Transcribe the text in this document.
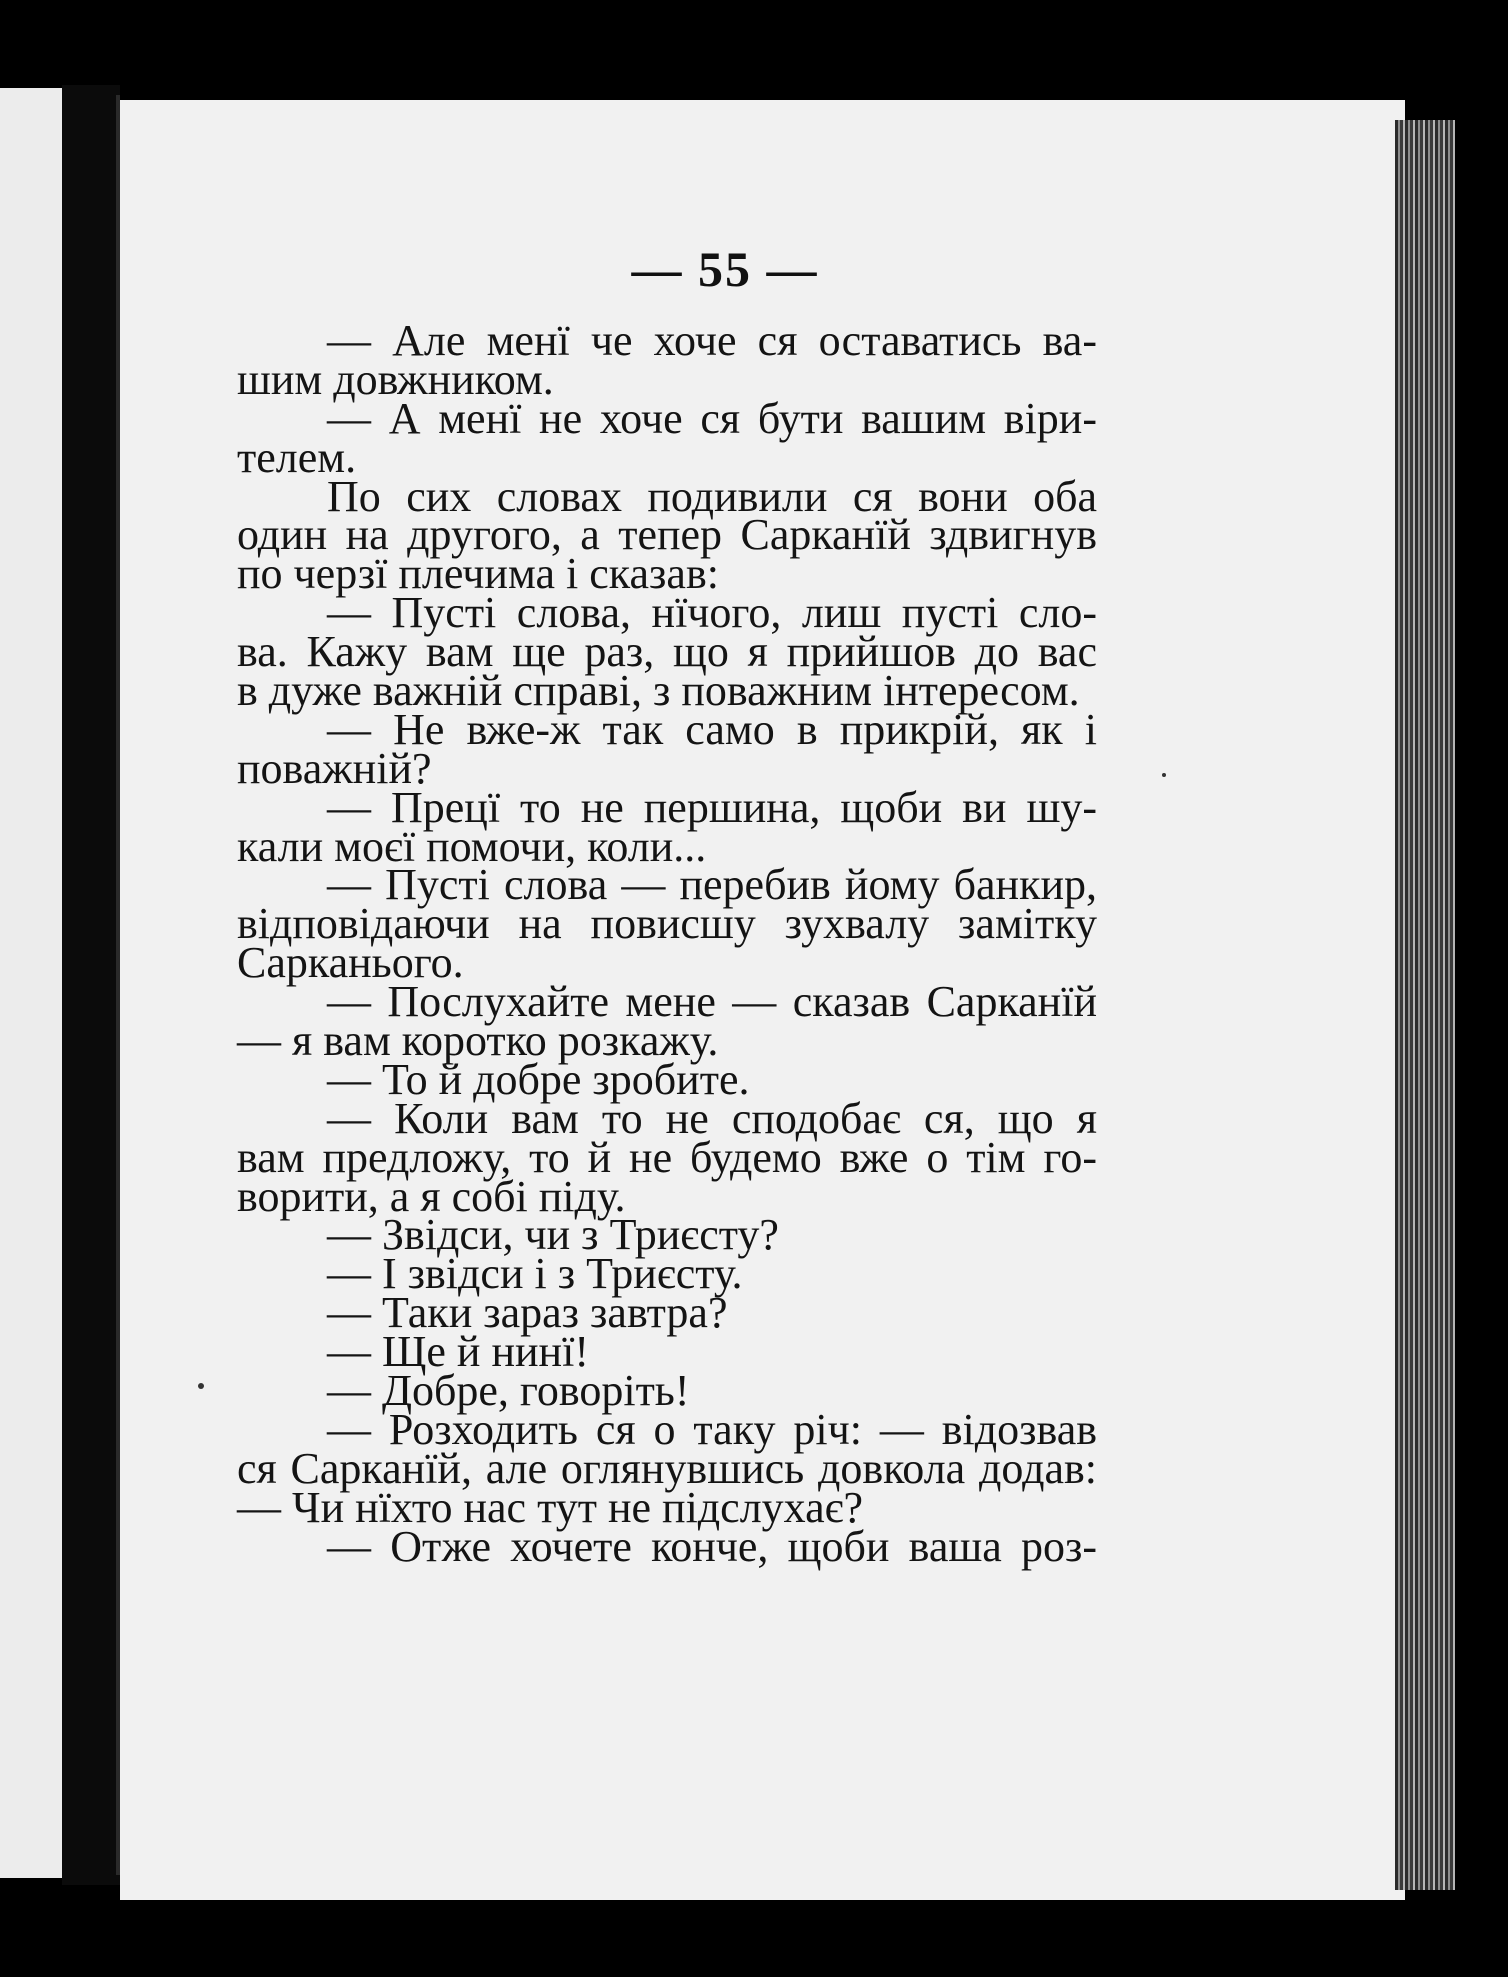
— 55 —
— Але менї че хоче ся оставатись ва-
шим довжником.
— А менї не хоче ся бути вашим віри-
телем.
По сих словах подивили ся вони оба
один на другого, а тепер Сарканїй здвигнув
по черзї плечима і сказав:
— Пусті слова, нїчого, лиш пусті сло-
ва. Кажу вам ще раз, що я прийшов до вас
в дуже важній справі, з поважним інтересом.
— Не вже-ж так само в прикрій, як і
поважній?
— Прецї то не першина, щоби ви шу-
кали моєї помочи, коли...
— Пусті слова — перебив йому банкир,
відповідаючи на повисшу зухвалу замітку
Сарканього.
— Послухайте мене — сказав Сарканїй
— я вам коротко розкажу.
— То й добре зробите.
— Коли вам то не сподобає ся, що я
вам предложу, то й не будемо вже о тім го-
ворити, а я собі піду.
— Звідси, чи з Триєсту?
— І звідси і з Триєсту.
— Таки зараз завтра?
— Ще й нинї!
— Добре, говоріть!
— Розходить ся о таку річ: — відозвав
ся Сарканїй, але оглянувшись довкола додав:
— Чи нїхто нас тут не підслухає?
— Отже хочете конче, щоби ваша роз-
